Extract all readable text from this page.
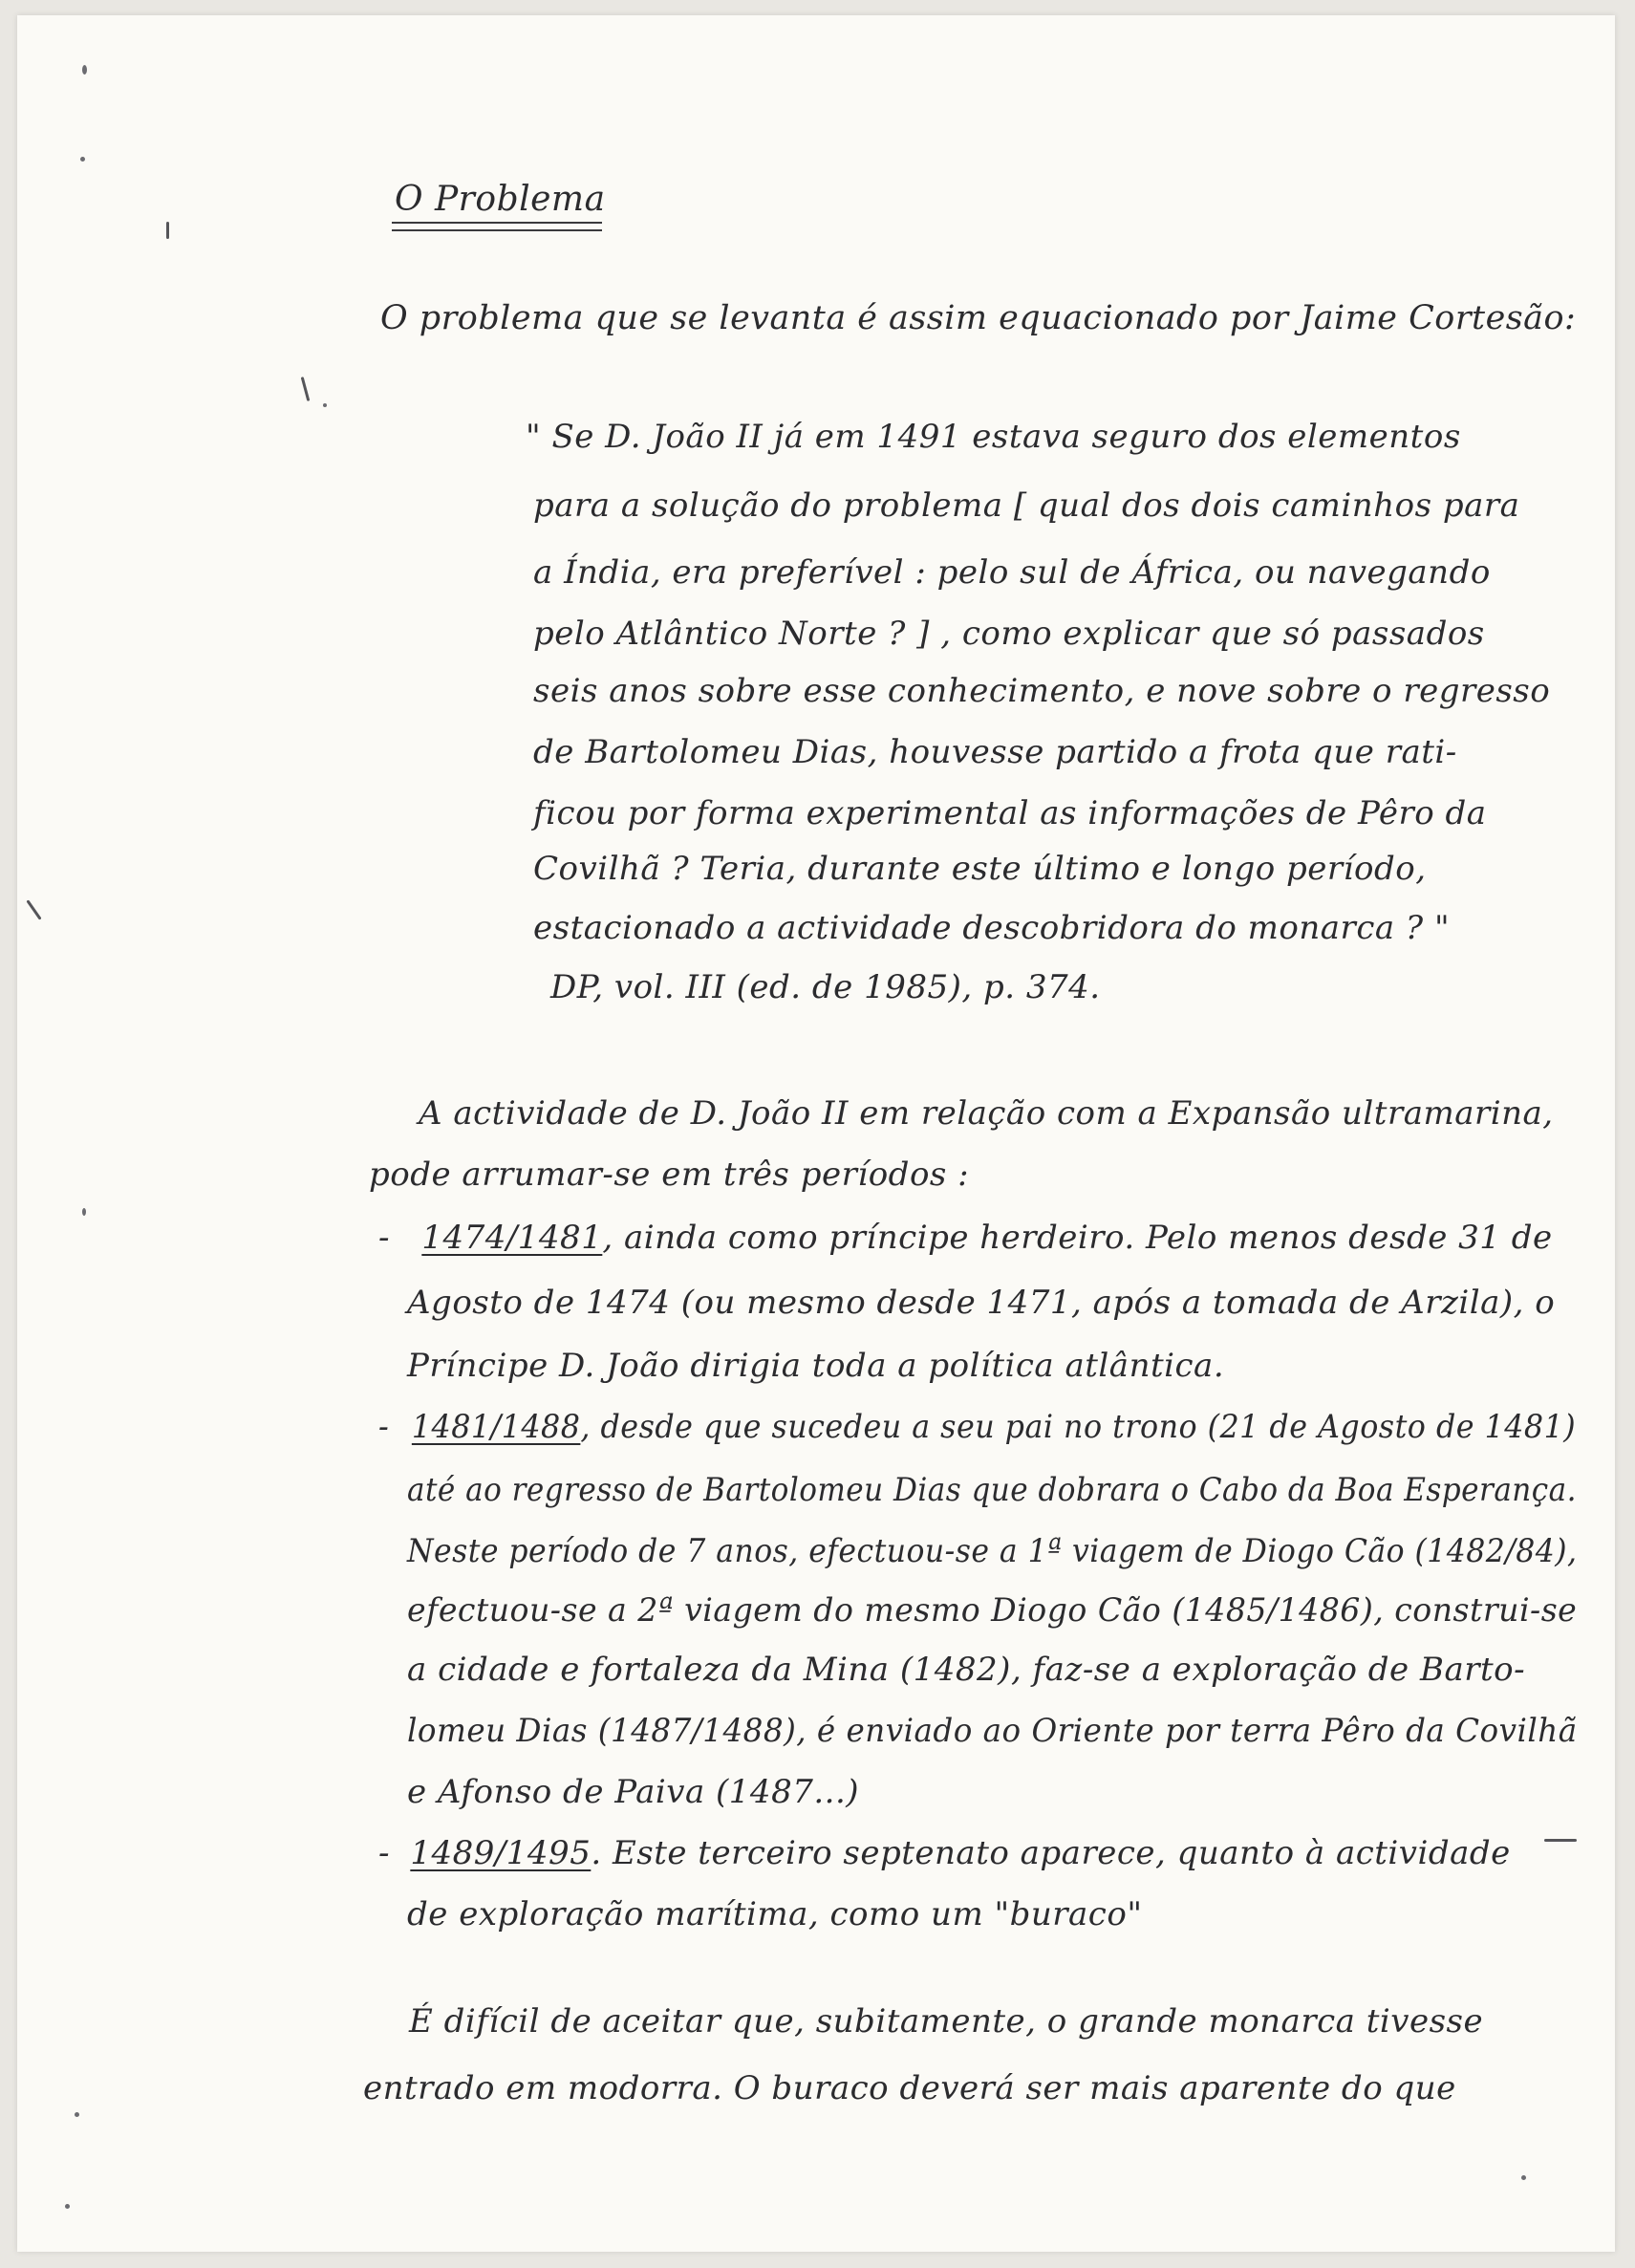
O Problema
O problema que se levanta é assim equacionado por Jaime Cortesão:
" Se D. João II já em 1491 estava seguro dos elementos
para a solução do problema [ qual dos dois caminhos para
a Índia, era preferível : pelo sul de África, ou navegando
pelo Atlântico Norte ? ] , como explicar que só passados
seis anos sobre esse conhecimento, e nove sobre o regresso
de Bartolomeu Dias, houvesse partido a frota que rati-
ficou por forma experimental as informações de Pêro da
Covilhã ? Teria, durante este último e longo período,
estacionado a actividade descobridora do monarca ? "
DP, vol. III (ed. de 1985), p. 374.
A actividade de D. João II em relação com a Expansão ultramarina,
pode arrumar-se em três períodos :
- 1474/1481, ainda como príncipe herdeiro. Pelo menos desde 31 de
Agosto de 1474 (ou mesmo desde 1471, após a tomada de Arzila), o
Príncipe D. João dirigia toda a política atlântica.
- 1481/1488, desde que sucedeu a seu pai no trono (21 de Agosto de 1481)
até ao regresso de Bartolomeu Dias que dobrara o Cabo da Boa Esperança.
Neste período de 7 anos, efectuou-se a 1ª viagem de Diogo Cão (1482/84),
efectuou-se a 2ª viagem do mesmo Diogo Cão (1485/1486), construi-se
a cidade e fortaleza da Mina (1482), faz-se a exploração de Barto-
lomeu Dias (1487/1488), é enviado ao Oriente por terra Pêro da Covilhã
e Afonso de Paiva (1487...)
- 1489/1495. Este terceiro septenato aparece, quanto à actividade
de exploração marítima, como um "buraco"
É difícil de aceitar que, subitamente, o grande monarca tivesse
entrado em modorra. O buraco deverá ser mais aparente do que
